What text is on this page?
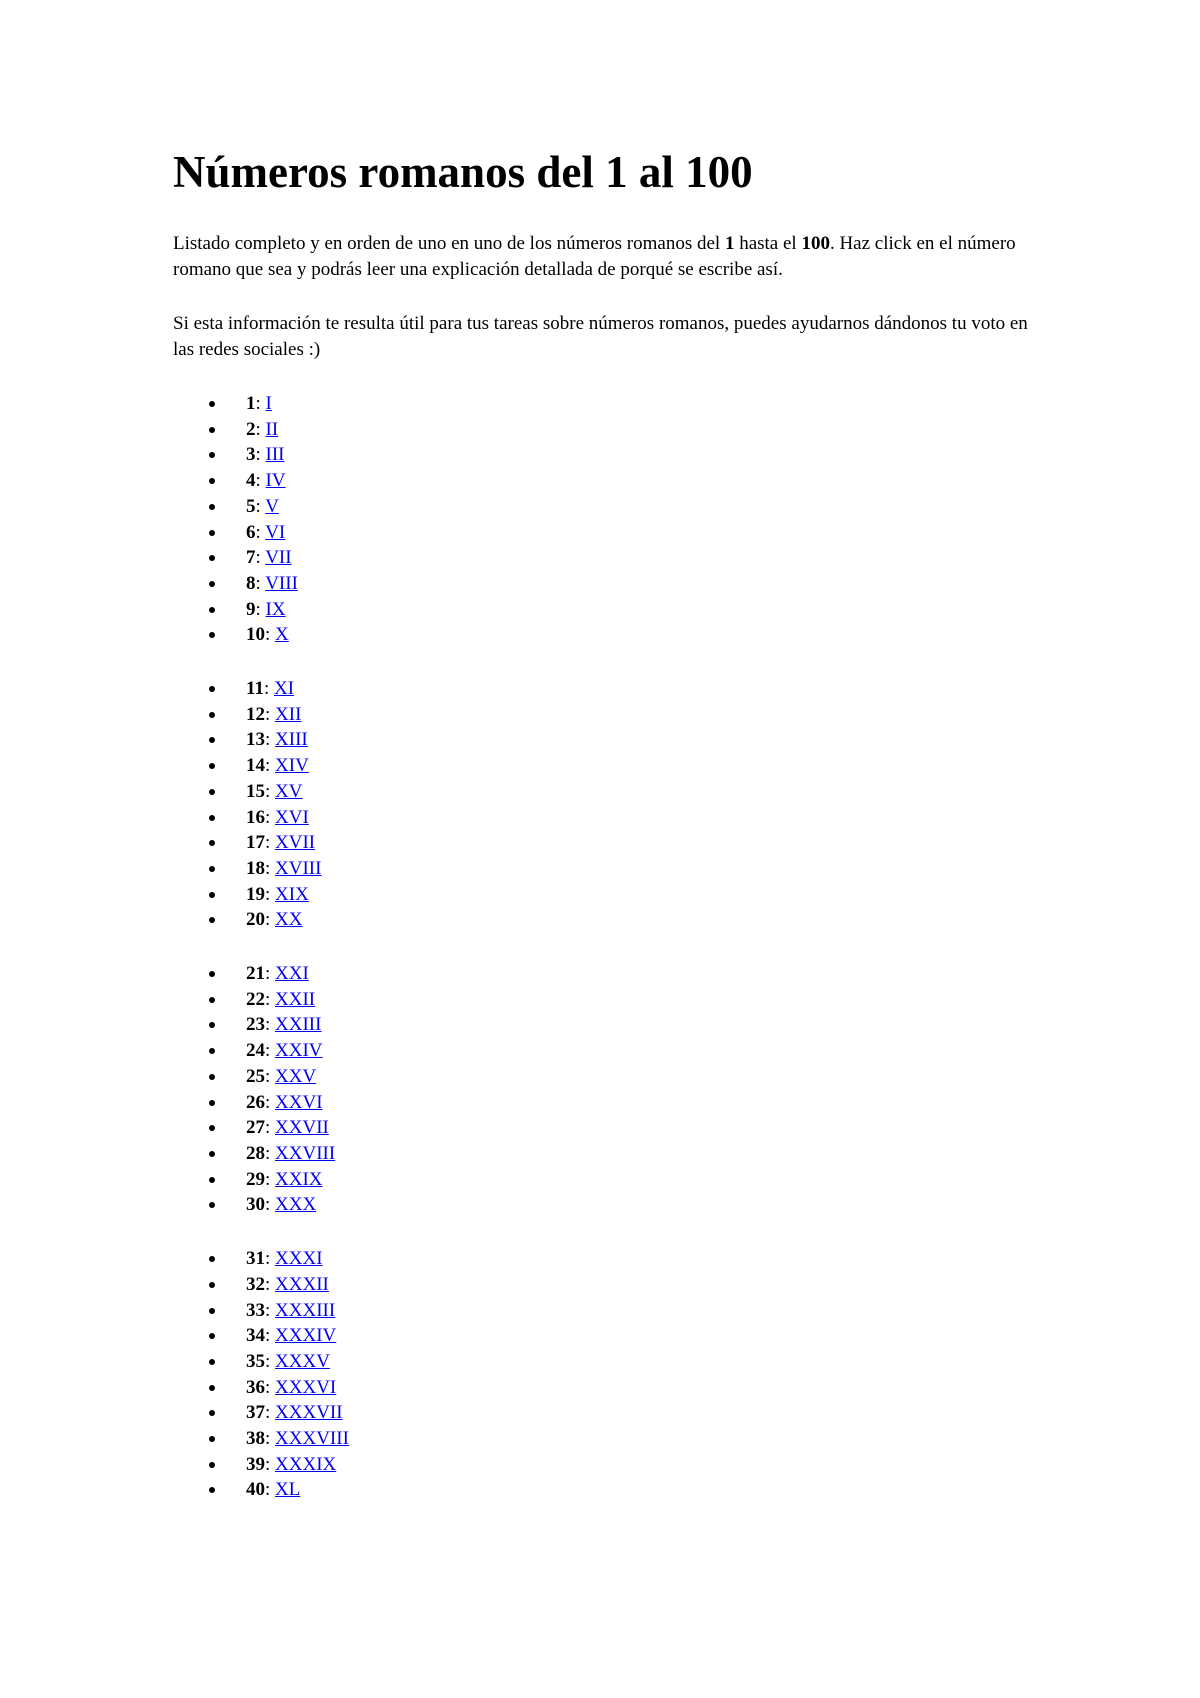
Números romanos del 1 al 100

Listado completo y en orden de uno en uno de los números romanos del 1 hasta el 100. Haz click en el número romano que sea y podrás leer una explicación detallada de porqué se escribe así.

Si esta información te resulta útil para tus tareas sobre números romanos, puedes ayudarnos dándonos tu voto en las redes sociales :)

1: I
2: II
3: III
4: IV
5: V
6: VI
7: VII
8: VIII
9: IX
10: X
11: XI
12: XII
13: XIII
14: XIV
15: XV
16: XVI
17: XVII
18: XVIII
19: XIX
20: XX
21: XXI
22: XXII
23: XXIII
24: XXIV
25: XXV
26: XXVI
27: XXVII
28: XXVIII
29: XXIX
30: XXX
31: XXXI
32: XXXII
33: XXXIII
34: XXXIV
35: XXXV
36: XXXVI
37: XXXVII
38: XXXVIII
39: XXXIX
40: XL
